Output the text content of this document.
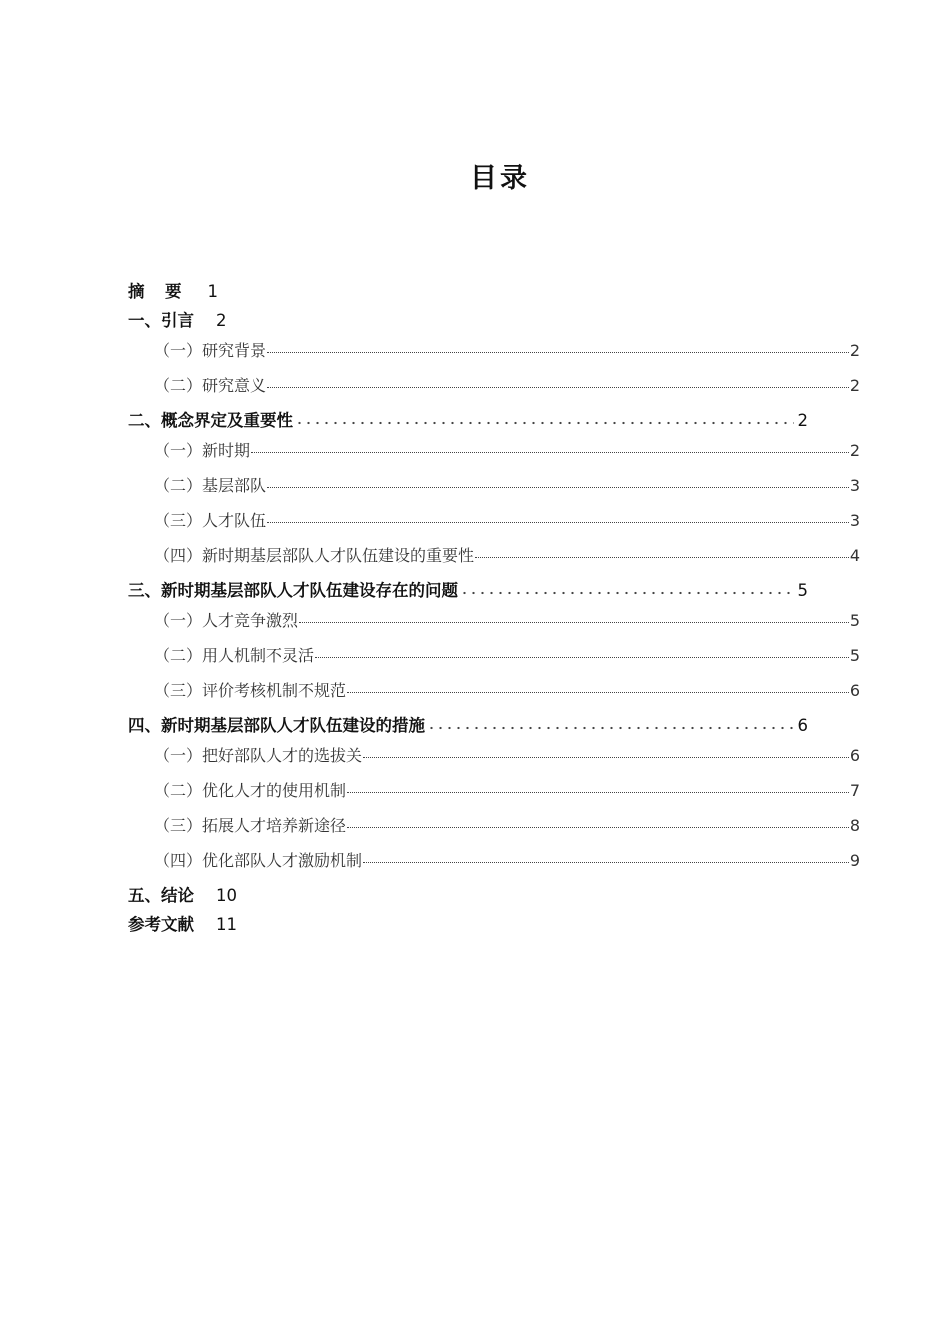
目录
摘　要 1
一、引言 2
（一）研究背景	2
（二）研究意义	2
二、概念界定及重要性	2
（一）新时期	2
（二）基层部队	3
（三）人才队伍	3
（四）新时期基层部队人才队伍建设的重要性	4
三、新时期基层部队人才队伍建设存在的问题	5
（一）人才竞争激烈	5
（二）用人机制不灵活	5
（三）评价考核机制不规范	6
四、新时期基层部队人才队伍建设的措施	6
（一）把好部队人才的选拔关	6
（二）优化人才的使用机制	7
（三）拓展人才培养新途径	8
（四）优化部队人才激励机制	9
五、结论 10
参考文献 11
